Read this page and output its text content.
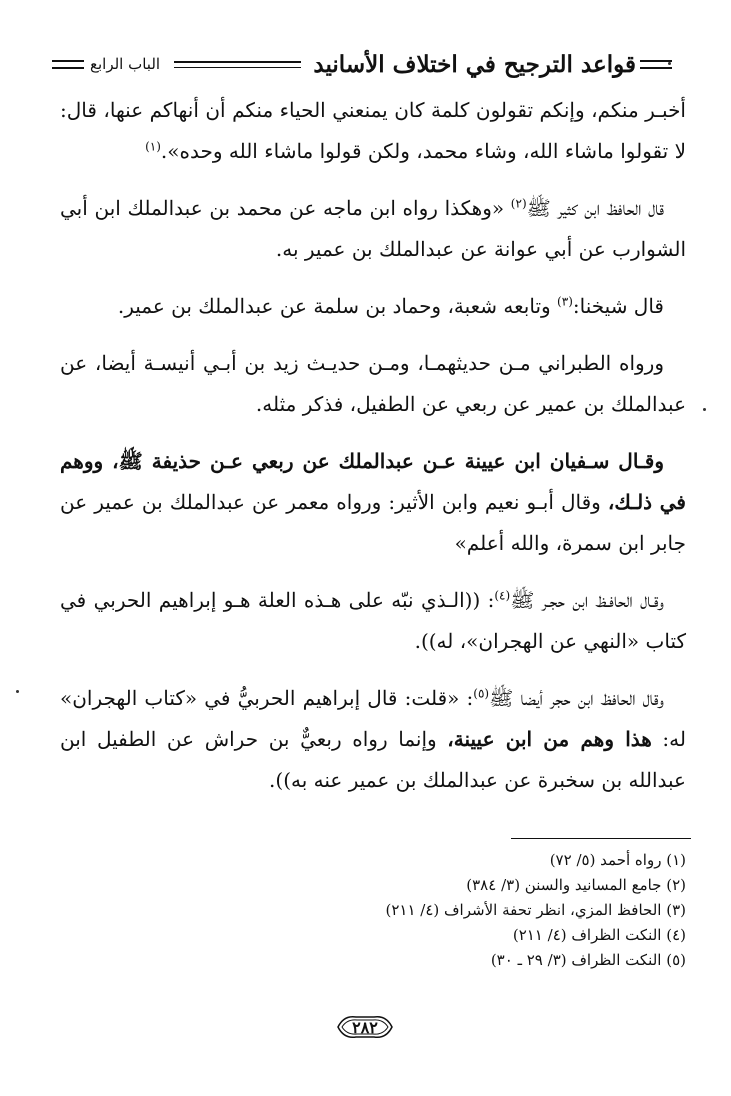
قواعد الترجيح في اختلاف الأسانيد
الباب الرابع

أخبـر منكم، وإنكم تقولون كلمة كان يمنعني الحياء منكم أن أنهاكم عنها، قال: لا تقولوا ماشاء الله، وشاء محمد، ولكن قولوا ماشاء الله وحده».$^{(١)}$

قال الحافظ ابن كثير ﷺ$^{(٢)}$ «وهكذا رواه ابن ماجه عن محمد بن عبدالملك ابن أبي الشوارب عن أبي عوانة عن عبدالملك بن عمير به.

قال شيخنا:$^{(٣)}$ وتابعه شعبة، وحماد بن سلمة عن عبدالملك بن عمير.

ورواه الطبراني مـن حديثهمـا، ومـن حديـث زيد بن أبـي أنيسـة أيضا، عن عبدالملك بن عمير عن ربعي عن الطفيل، فذكر مثله.

وقـال سـفيان ابن عيينة عـن عبدالملك عن ربعي عـن حذيفة ﷺ، ووهم في ذلـك، وقال أبـو نعيم وابن الأثير: ورواه معمر عن عبدالملك بن عمير عن جابر ابن سمرة، والله أعلم»

وقـال الحافـظ ابن حجـر ﷺ$^{(٤)}$: ((الـذي نبّه على هـذه العلة هـو إبراهيم الحربي في كتاب «النهي عن الهجران»، له)).

وقال الحافظ ابن حجر أيضا ﷺ$^{(٥)}$: «قلت: قال إبراهيم الحربيُّ في «كتاب الهجران» له: هذا وهم من ابن عيينة، وإنما رواه ربعيٌّ بن حراش عن الطفيل ابن عبدالله بن سخبرة عن عبدالملك بن عمير عنه به)).

(١) رواه أحمد (٥/ ٧٢)

(٢) جامع المسانيد والسنن (٣/ ٣٨٤)

(٣) الحافظ المزي، انظر تحفة الأشراف (٤/ ٢١١)

(٤) النكت الظراف (٤/ ٢١١)

(٥) النكت الظراف (٣/ ٢٩ ـ ٣٠)

٢٨٢
